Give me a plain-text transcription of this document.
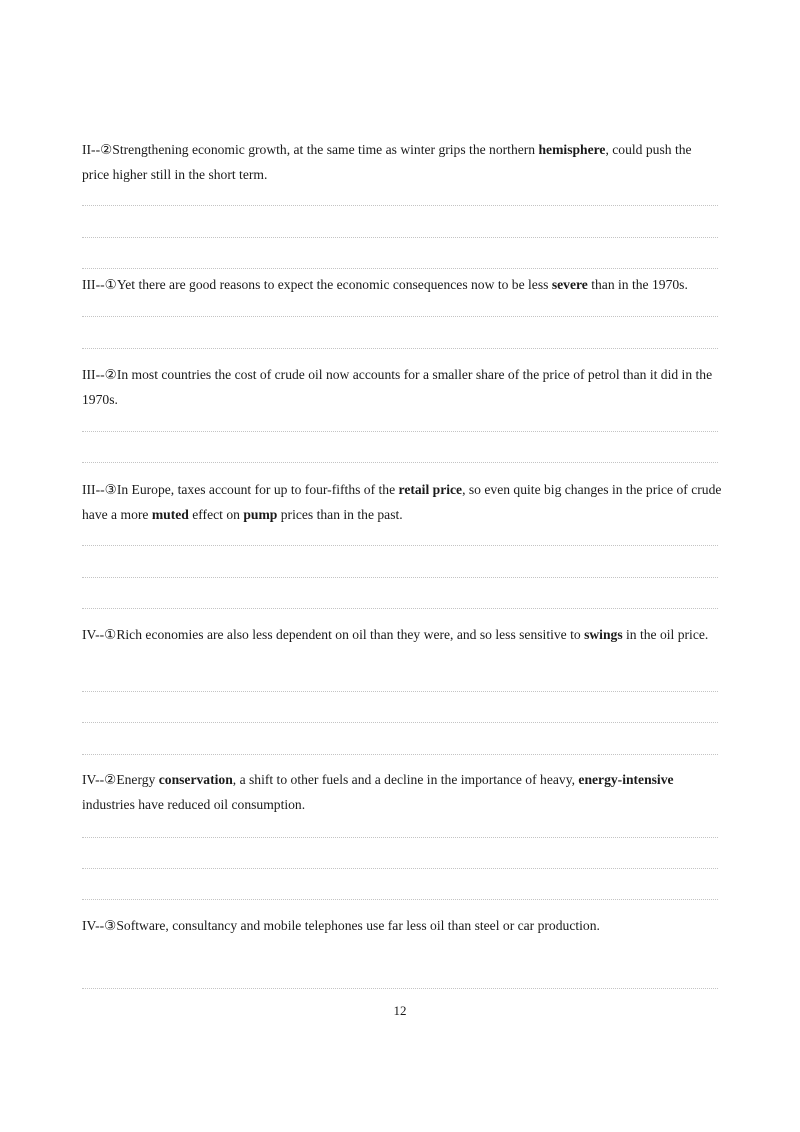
II--②Strengthening economic growth, at the same time as winter grips the northern hemisphere, could push the price higher still in the short term.

III--①Yet there are good reasons to expect the economic consequences now to be less severe than in the 1970s.

III--②In most countries the cost of crude oil now accounts for a smaller share of the price of petrol than it did in the 1970s.

III--③In Europe, taxes account for up to four-fifths of the retail price, so even quite big changes in the price of crude have a more muted effect on pump prices than in the past.

IV--①Rich economies are also less dependent on oil than they were, and so less sensitive to swings in the oil price.

IV--②Energy conservation, a shift to other fuels and a decline in the importance of heavy, energy-intensive industries have reduced oil consumption.

IV--③Software, consultancy and mobile telephones use far less oil than steel or car production.

12
